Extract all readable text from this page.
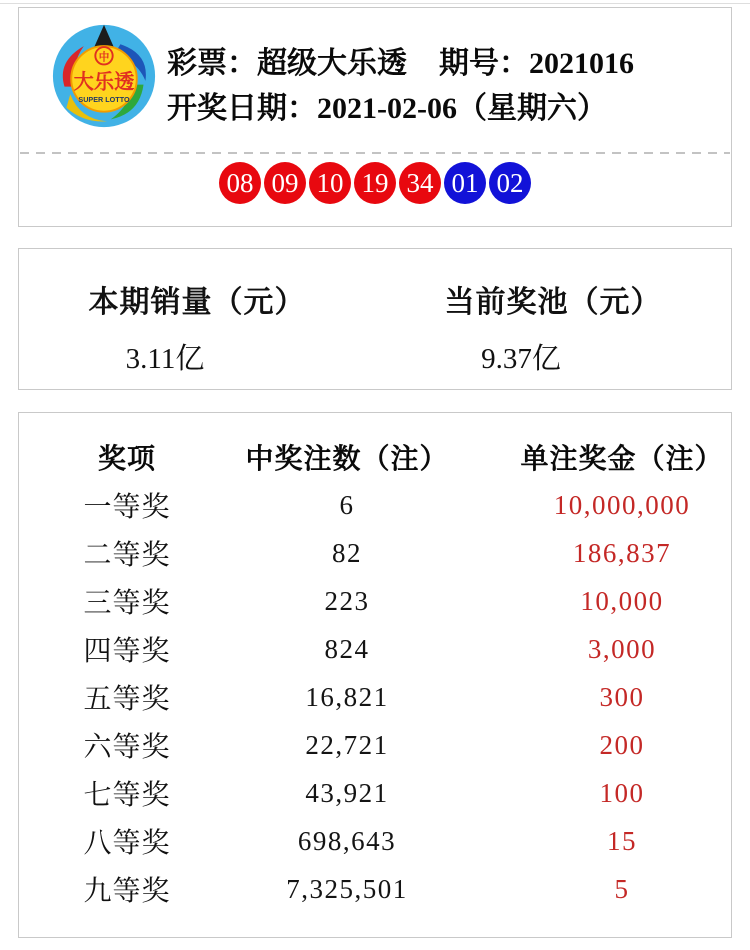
中
大乐透
SUPER LOTTO
彩票：超级大乐透 期号：2021016
开奖日期：2021-02-06（星期六）
08 09 10 19 34 01 02
本期销量（元）
3.11亿
当前奖池（元）
9.37亿
奖项	中奖注数（注）	单注奖金（注）
一等奖	6	10,000,000
二等奖	82	186,837
三等奖	223	10,000
四等奖	824	3,000
五等奖	16,821	300
六等奖	22,721	200
七等奖	43,921	100
八等奖	698,643	15
九等奖	7,325,501	5
